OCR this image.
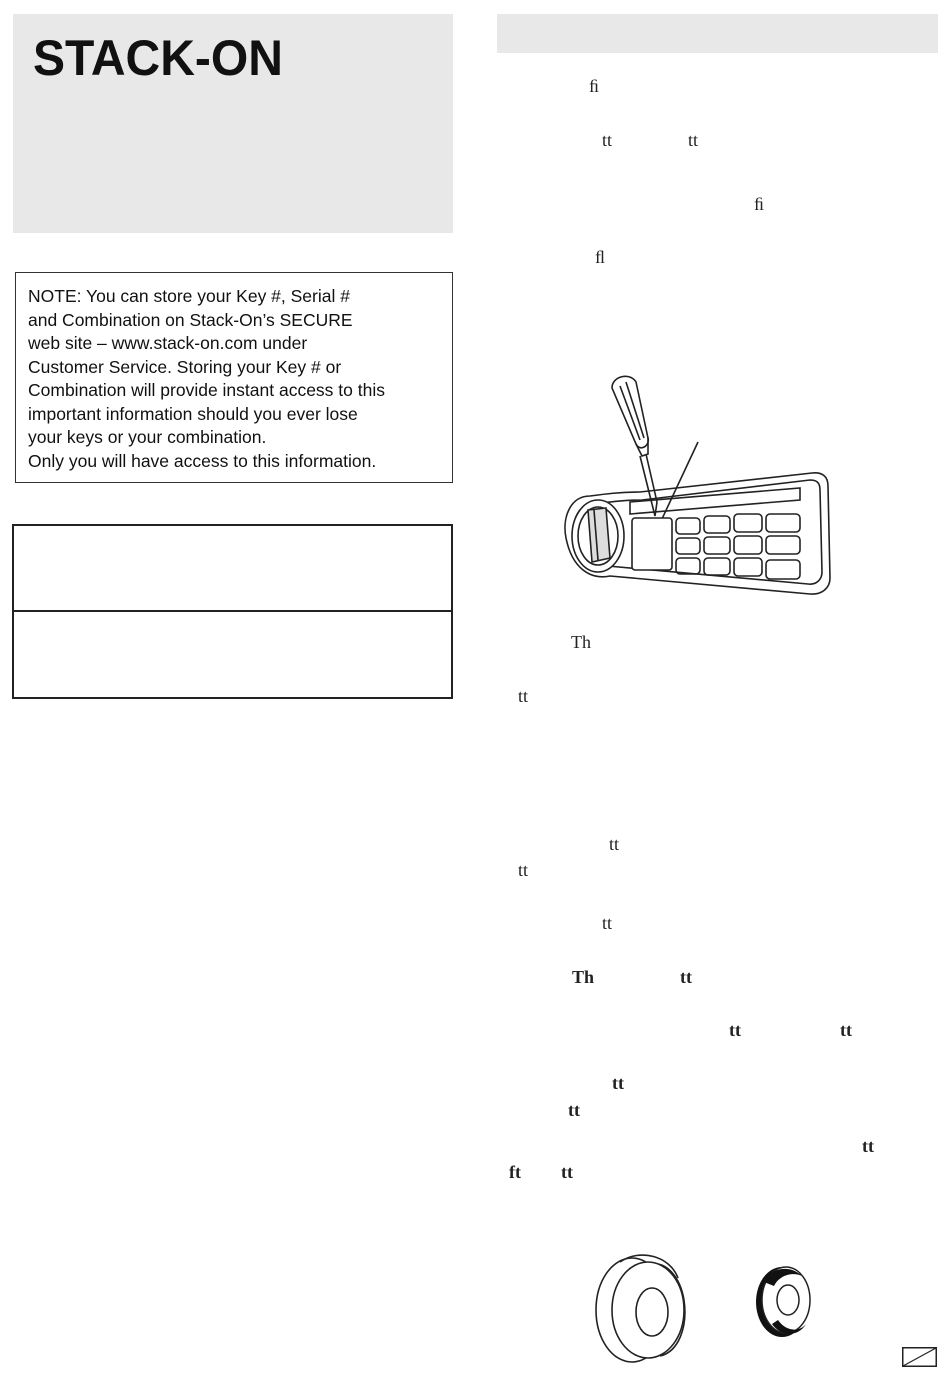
STACK-ON
NOTE: You can store your Key #, Serial #
and Combination on Stack-On’s SECURE
web site – www.stack-on.com under
Customer Service. Storing your Key # or
Combination will provide instant access to this
important information should you ever lose
your keys or your combination.
Only you will have access to this information.
ﬁ
tt	tt
ﬁ
ﬂ
Th
tt
tt
tt
tt
Th	tt
tt	tt
tt
tt
tt
ft tt
